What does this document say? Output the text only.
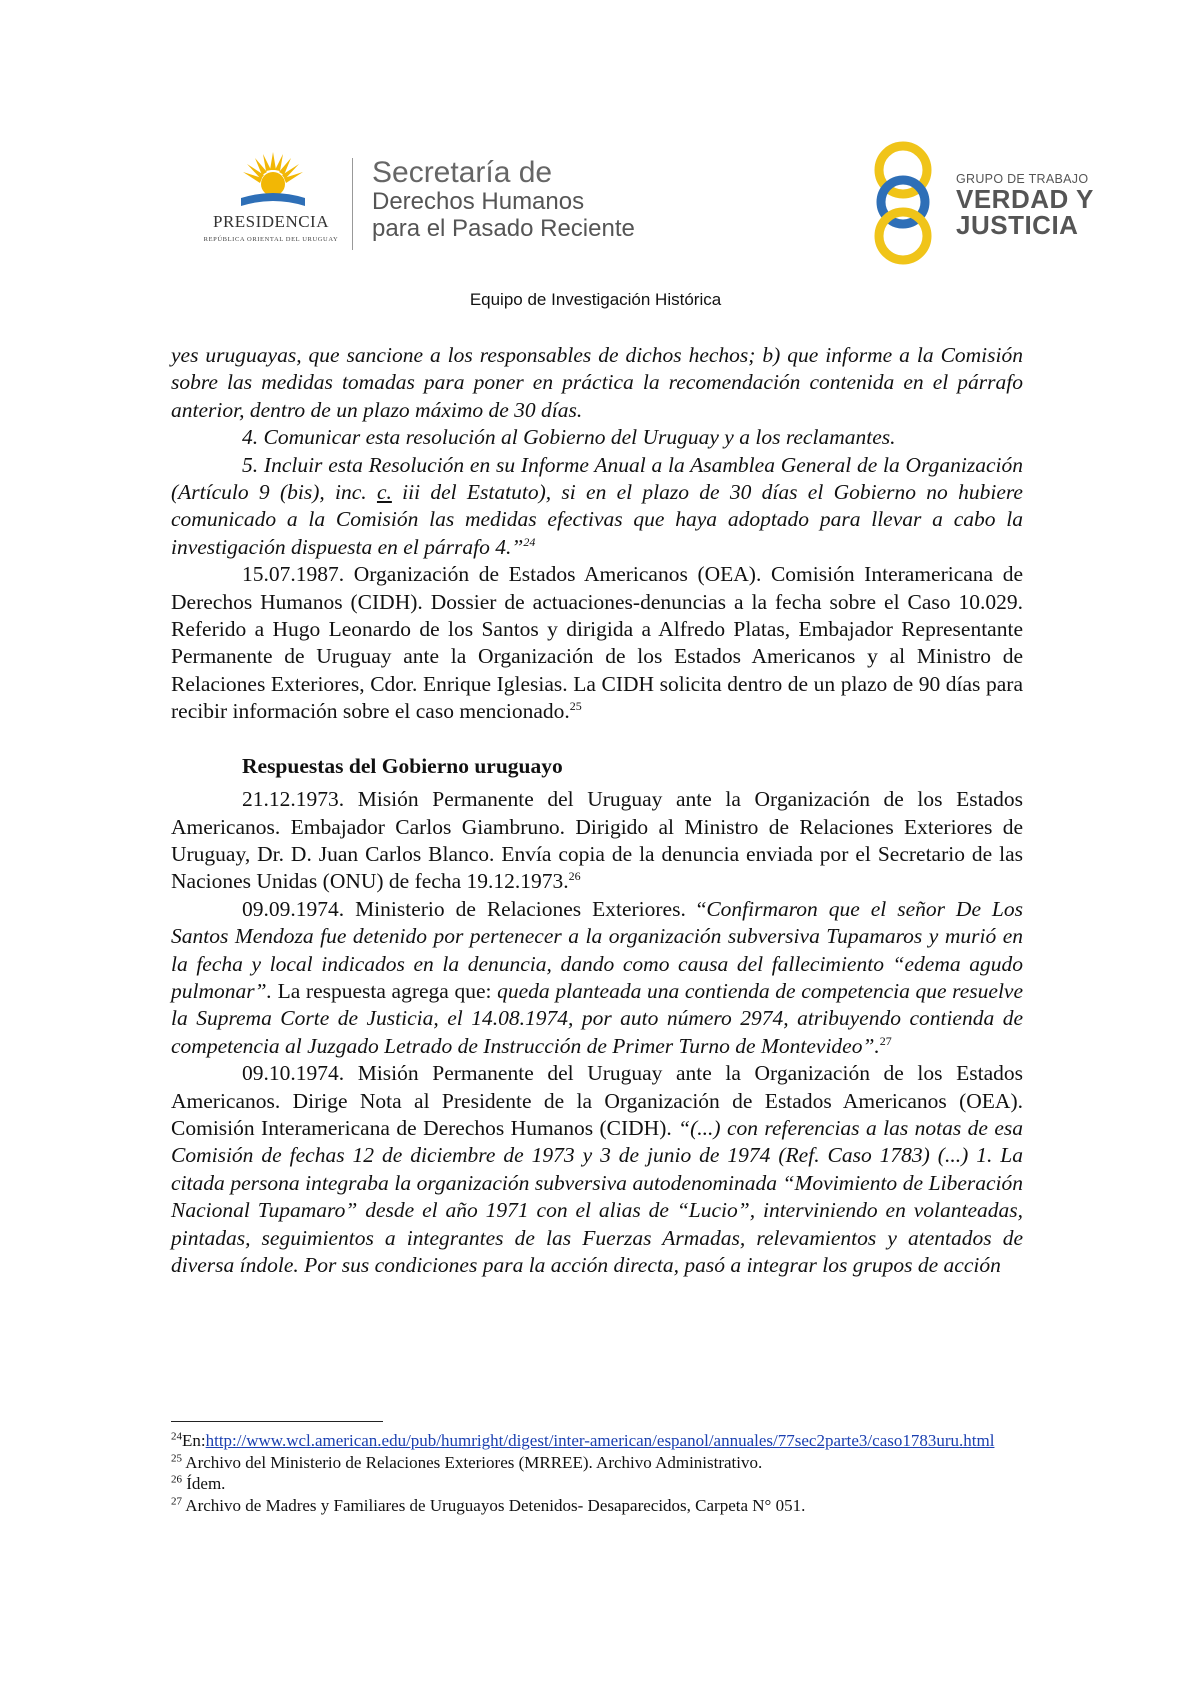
PRESIDENCIA
REPÚBLICA ORIENTAL DEL URUGUAY
Secretaría de
Derechos Humanos
para el Pasado Reciente
GRUPO DE TRABAJO
VERDAD Y
JUSTICIA
Equipo de Investigación Histórica

yes uruguayas, que sancione a los responsables de dichos hechos; b) que informe a la Comisión sobre las medidas tomadas para poner en práctica la recomendación contenida en el párrafo anterior, dentro de un plazo máximo de 30 días.

4. Comunicar esta resolución al Gobierno del Uruguay y a los reclamantes.

5. Incluir esta Resolución en su Informe Anual a la Asamblea General de la Organización (Artículo 9 (bis), inc. c. iii del Estatuto), si en el plazo de 30 días el Gobierno no hubiere comunicado a la Comisión las medidas efectivas que haya adoptado para llevar a cabo la investigación dispuesta en el párrafo 4.”$^{24}$

15.07.1987. Organización de Estados Americanos (OEA). Comisión Interamericana de Derechos Humanos (CIDH). Dossier de actuaciones-denuncias a la fecha sobre el Caso 10.029. Referido a Hugo Leonardo de los Santos y dirigida a Alfredo Platas, Embajador Representante Permanente de Uruguay ante la Organización de los Estados Americanos y al Ministro de Relaciones Exteriores, Cdor. Enrique Iglesias. La CIDH solicita dentro de un plazo de 90 días para recibir información sobre el caso mencionado.$^{25}$

Respuestas del Gobierno uruguayo

21.12.1973. Misión Permanente del Uruguay ante la Organización de los Estados Americanos. Embajador Carlos Giambruno. Dirigido al Ministro de Relaciones Exteriores de Uruguay, Dr. D. Juan Carlos Blanco. Envía copia de la denuncia enviada por el Secretario de las Naciones Unidas (ONU) de fecha 19.12.1973.26

09.09.1974. Ministerio de Relaciones Exteriores. “Confirmaron que el señor De Los Santos Mendoza fue detenido por pertenecer a la organización subversiva Tupamaros y murió en la fecha y local indicados en la denuncia, dando como causa del fallecimiento “edema agudo pulmonar”. La respuesta agrega que: queda planteada una contienda de competencia que resuelve la Suprema Corte de Justicia, el 14.08.1974, por auto número 2974, atribuyendo contienda de competencia al Juzgado Letrado de Instrucción de Primer Turno de Montevideo”.$^{27}$

09.10.1974. Misión Permanente del Uruguay ante la Organización de los Estados Americanos. Dirige Nota al Presidente de la Organización de Estados Americanos (OEA). Comisión Interamericana de Derechos Humanos (CIDH). “(...) con referencias a las notas de esa Comisión de fechas 12 de diciembre de 1973 y 3 de junio de 1974 (Ref. Caso 1783) (...) 1. La citada persona integraba la organización subversiva autodenominada “Movimiento de Liberación Nacional Tupamaro” desde el año 1971 con el alias de “Lucio”, interviniendo en volanteadas, pintadas, seguimientos a integrantes de las Fuerzas Armadas, relevamientos y atentados de diversa índole. Por sus condiciones para la acción directa, pasó a integrar los grupos de acción

$^{24}$En:http://www.wcl.american.edu/pub/humright/digest/inter-american/espanol/annuales/77sec2parte3/caso1783uru.html

$^{25}$ Archivo del Ministerio de Relaciones Exteriores (MRREE). Archivo Administrativo.

$^{26}$ Ídem.

$^{27}$ Archivo de Madres y Familiares de Uruguayos Detenidos- Desaparecidos, Carpeta N° 051.
